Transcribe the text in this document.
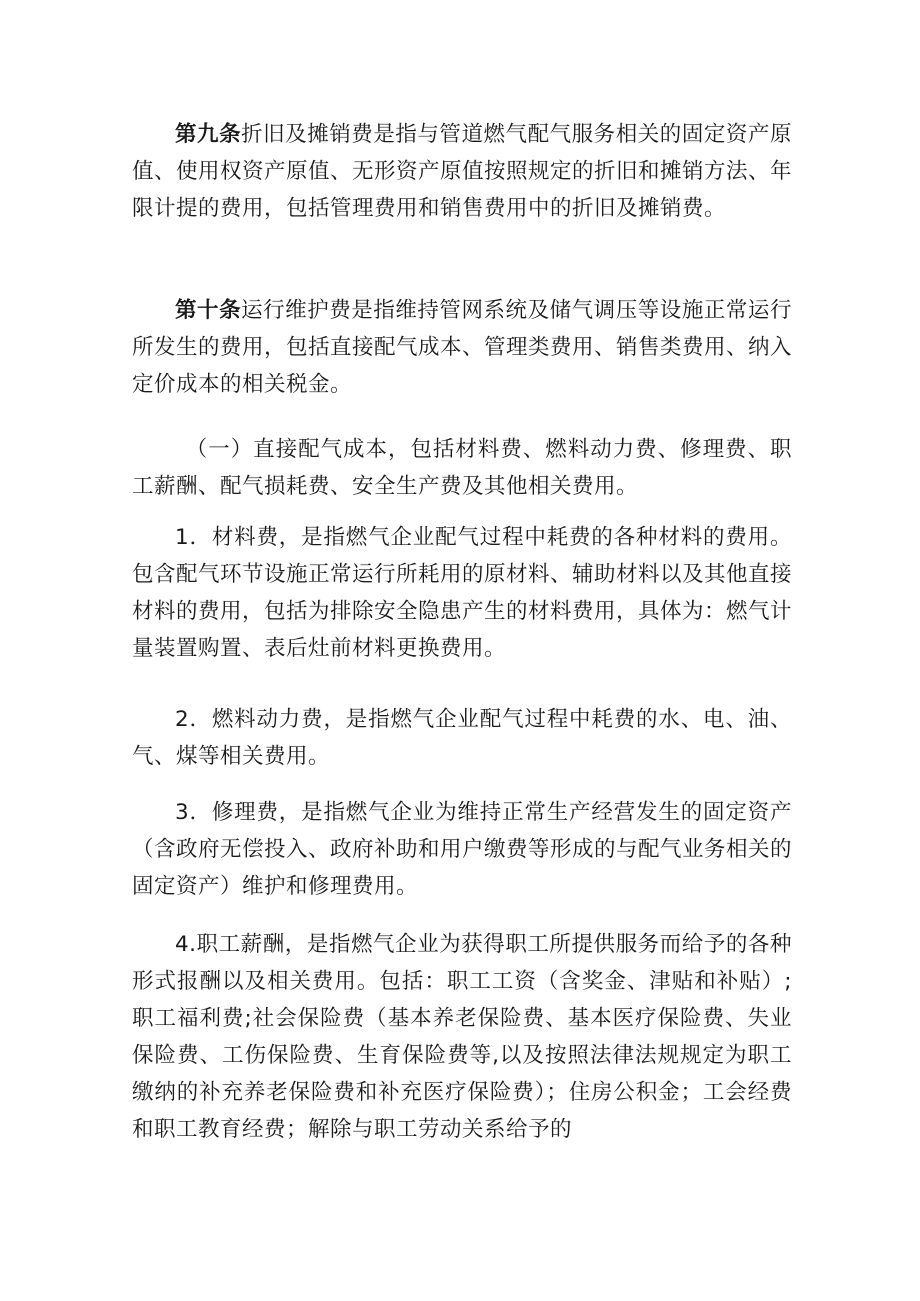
第九条折旧及摊销费是指与管道燃气配气服务相关的固定资产原值、使用权资产原值、无形资产原值按照规定的折旧和摊销方法、年限计提的费用，包括管理费用和销售费用中的折旧及摊销费。

第十条运行维护费是指维持管网系统及储气调压等设施正常运行所发生的费用，包括直接配气成本、管理类费用、销售类费用、纳入定价成本的相关税金。

（一）直接配气成本，包括材料费、燃料动力费、修理费、职工薪酬、配气损耗费、安全生产费及其他相关费用。

1．材料费，是指燃气企业配气过程中耗费的各种材料的费用。包含配气环节设施正常运行所耗用的原材料、辅助材料以及其他直接材料的费用，包括为排除安全隐患产生的材料费用，具体为：燃气计量装置购置、表后灶前材料更换费用。

2．燃料动力费，是指燃气企业配气过程中耗费的水、电、油、气、煤等相关费用。

3．修理费，是指燃气企业为维持正常生产经营发生的固定资产（含政府无偿投入、政府补助和用户缴费等形成的与配气业务相关的固定资产）维护和修理费用。

4.职工薪酬，是指燃气企业为获得职工所提供服务而给予的各种形式报酬以及相关费用。包括：职工工资（含奖金、津贴和补贴）;职工福利费;社会保险费（基本养老保险费、基本医疗保险费、失业保险费、工伤保险费、生育保险费等,以及按照法律法规规定为职工缴纳的补充养老保险费和补充医疗保险费）；住房公积金；工会经费和职工教育经费；解除与职工劳动关系给予的
